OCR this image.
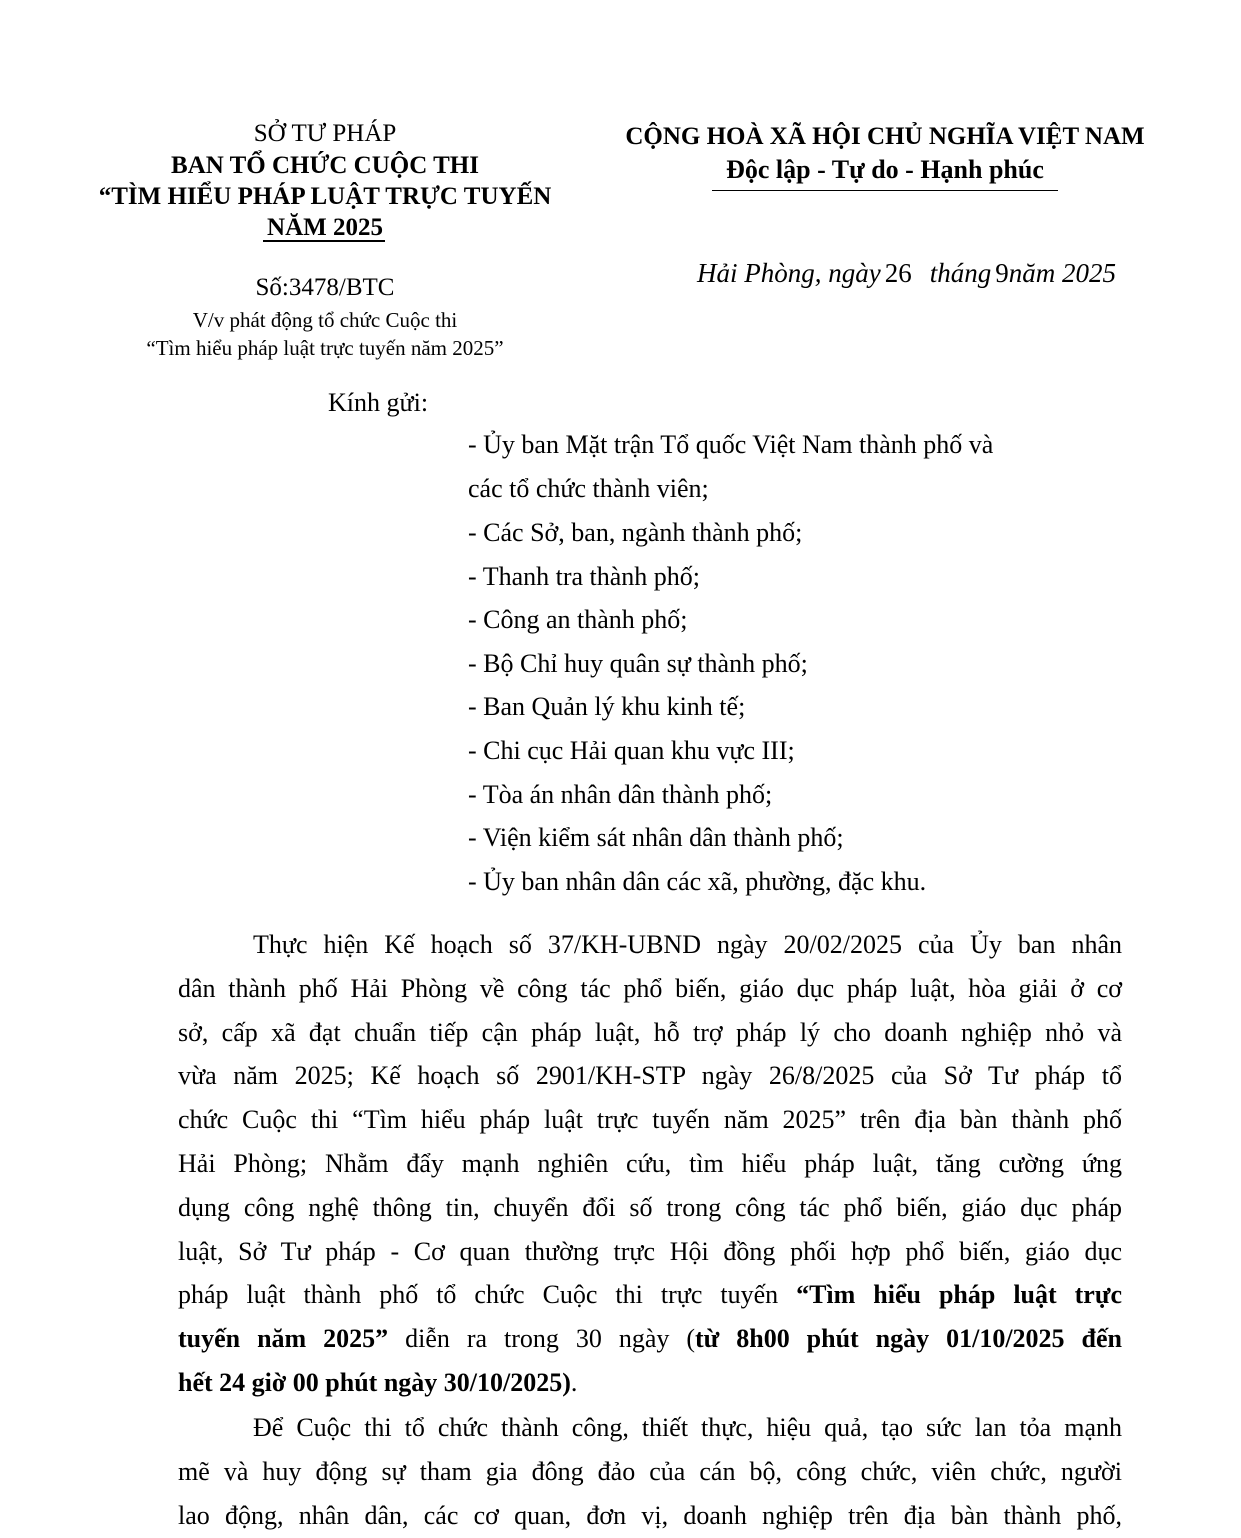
SỞ TƯ PHÁP
BAN TỔ CHỨC CUỘC THI
“TÌM HIỂU PHÁP LUẬT TRỰC TUYẾN
NĂM 2025
Số:3478/BTC
V/v phát động tổ chức Cuộc thi
“Tìm hiểu pháp luật trực tuyến năm 2025”
CỘNG HOÀ XÃ HỘI CHỦ NGHĨA VIỆT NAM
Độc lập - Tự do - Hạnh phúc
Hải Phòng, ngày 26 tháng 9năm 2025
Kính gửi:
- Ủy ban Mặt trận Tổ quốc Việt Nam thành phố và
các tổ chức thành viên;
- Các Sở, ban, ngành thành phố;
- Thanh tra thành phố;
- Công an thành phố;
- Bộ Chỉ huy quân sự thành phố;
- Ban Quản lý khu kinh tế;
- Chi cục Hải quan khu vực III;
- Tòa án nhân dân thành phố;
- Viện kiểm sát nhân dân thành phố;
- Ủy ban nhân dân các xã, phường, đặc khu.
Thực hiện Kế hoạch số 37/KH-UBND ngày 20/02/2025 của Ủy ban nhân
dân thành phố Hải Phòng về công tác phổ biến, giáo dục pháp luật, hòa giải ở cơ
sở, cấp xã đạt chuẩn tiếp cận pháp luật, hỗ trợ pháp lý cho doanh nghiệp nhỏ và
vừa năm 2025; Kế hoạch số 2901/KH-STP ngày 26/8/2025 của Sở Tư pháp tổ
chức Cuộc thi “Tìm hiểu pháp luật trực tuyến năm 2025” trên địa bàn thành phố
Hải Phòng; Nhằm đẩy mạnh nghiên cứu, tìm hiểu pháp luật, tăng cường ứng
dụng công nghệ thông tin, chuyển đổi số trong công tác phổ biến, giáo dục pháp
luật, Sở Tư pháp - Cơ quan thường trực Hội đồng phối hợp phổ biến, giáo dục
pháp luật thành phố tổ chức Cuộc thi trực tuyến “Tìm hiểu pháp luật trực
tuyến năm 2025” diễn ra trong 30 ngày (từ 8h00 phút ngày 01/10/2025 đến
hết 24 giờ 00 phút ngày 30/10/2025).
Để Cuộc thi tổ chức thành công, thiết thực, hiệu quả, tạo sức lan tỏa mạnh
mẽ và huy động sự tham gia đông đảo của cán bộ, công chức, viên chức, người
lao động, nhân dân, các cơ quan, đơn vị, doanh nghiệp trên địa bàn thành phố,
